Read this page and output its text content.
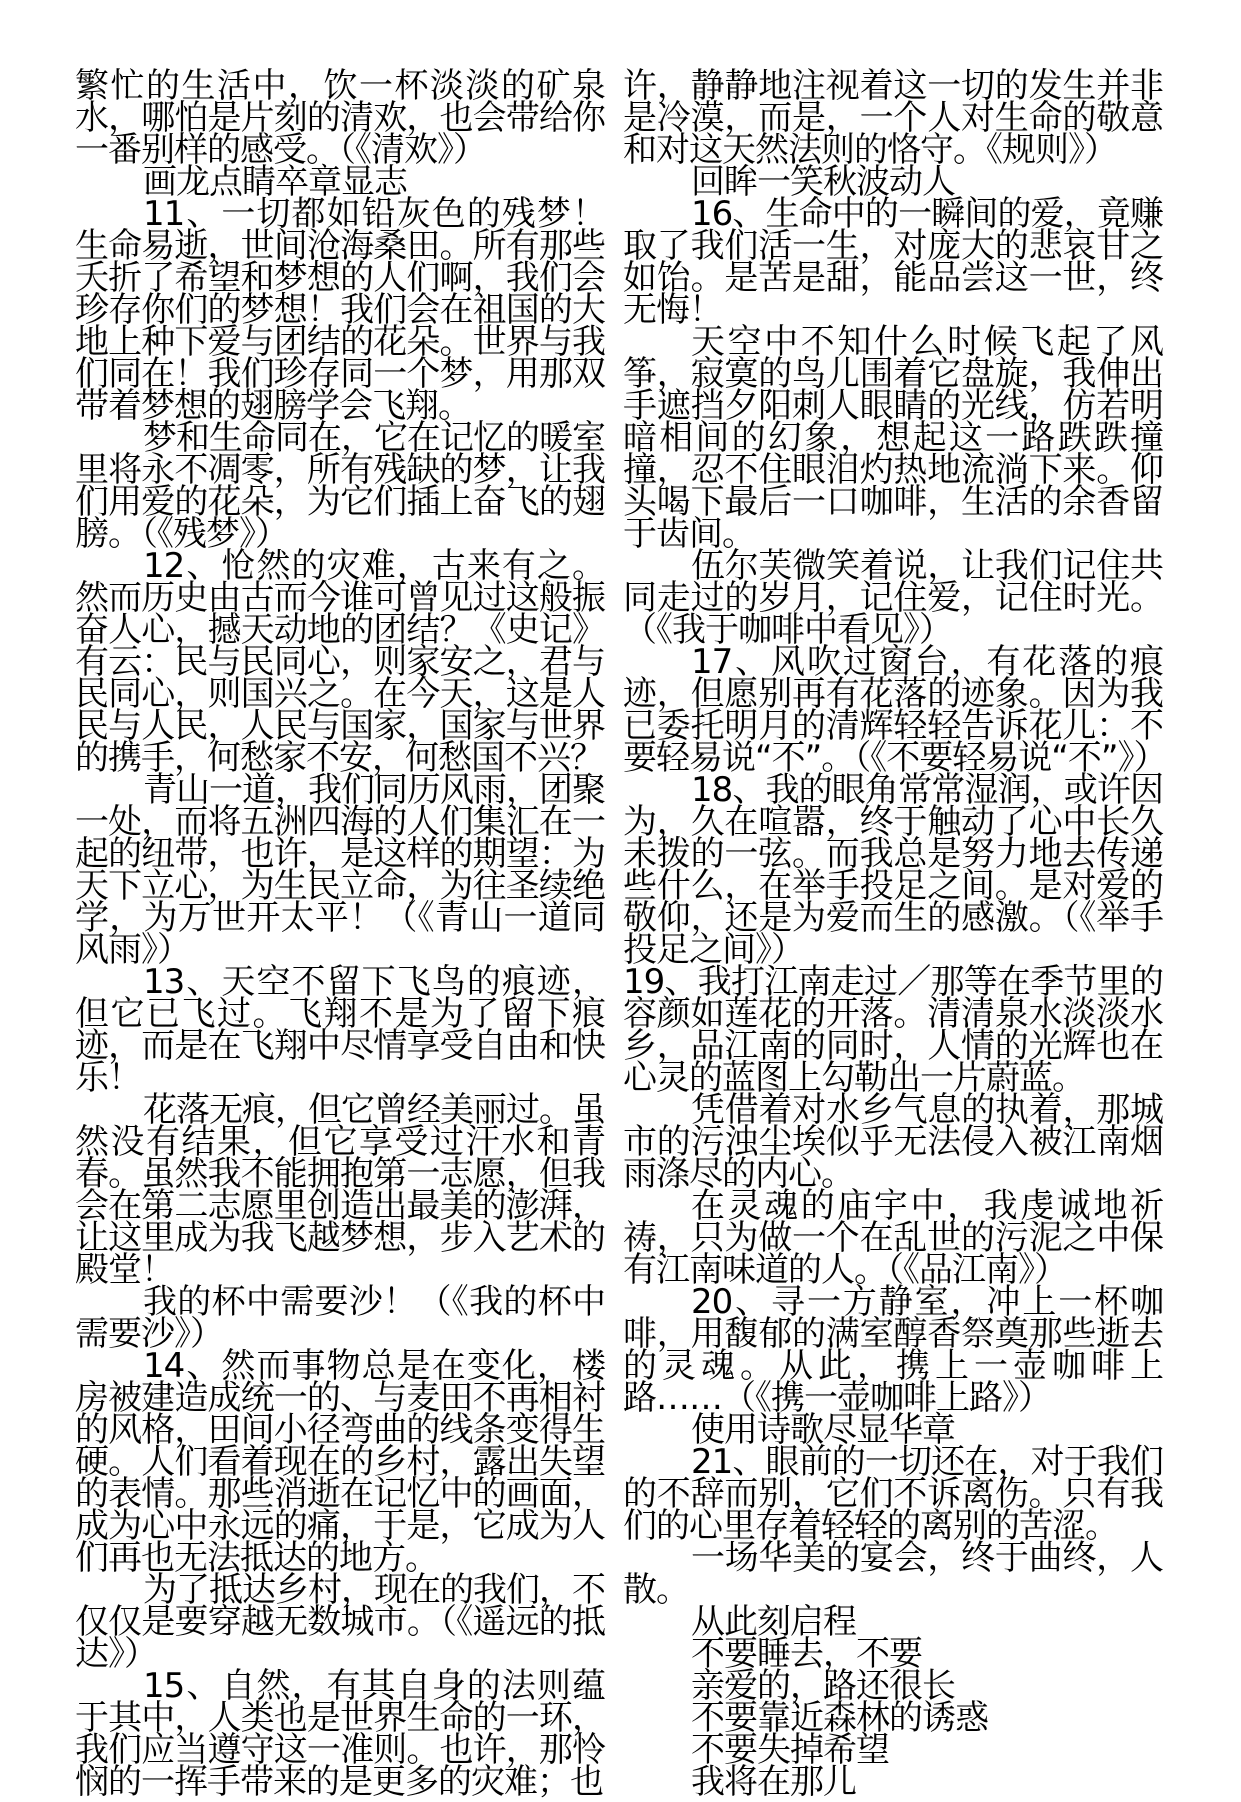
繁忙的生活中，饮一杯淡淡的矿泉水，哪怕是片刻的清欢，也会带给你一番别样的感受。（《清欢》）

画龙点睛卒章显志

11、一切都如铅灰色的残梦！生命易逝，世间沧海桑田。所有那些夭折了希望和梦想的人们啊，我们会珍存你们的梦想！我们会在祖国的大地上种下爱与团结的花朵。世界与我们同在！我们珍存同一个梦，用那双带着梦想的翅膀学会飞翔。

梦和生命同在，它在记忆的暖室里将永不凋零，所有残缺的梦，让我们用爱的花朵，为它们插上奋飞的翅膀。（《残梦》）

12、怆然的灾难，古来有之。然而历史由古而今谁可曾见过这般振奋人心，撼天动地的团结？《史记》有云：民与民同心，则家安之，君与民同心，则国兴之。在今天，这是人民与人民，人民与国家，国家与世界的携手，何愁家不安，何愁国不兴？

青山一道，我们同历风雨，团聚一处，而将五洲四海的人们集汇在一起的纽带，也许，是这样的期望：为天下立心，为生民立命，为往圣续绝学，为万世开太平！（《青山一道同风雨》）

13、天空不留下飞鸟的痕迹，但它已飞过。飞翔不是为了留下痕迹，而是在飞翔中尽情享受自由和快乐！

花落无痕，但它曾经美丽过。虽然没有结果，但它享受过汗水和青春。虽然我不能拥抱第一志愿，但我会在第二志愿里创造出最美的澎湃，让这里成为我飞越梦想，步入艺术的殿堂！

我的杯中需要沙！（《我的杯中需要沙》）

14、然而事物总是在变化，楼房被建造成统一的、与麦田不再相衬的风格，田间小径弯曲的线条变得生硬。人们看着现在的乡村，露出失望的表情。那些消逝在记忆中的画面，成为心中永远的痛，于是，它成为人们再也无法抵达的地方。

为了抵达乡村，现在的我们，不仅仅是要穿越无数城市。（《遥远的抵达》）

15、自然，有其自身的法则蕴于其中，人类也是世界生命的一环，我们应当遵守这一准则。也许，那怜悯的一挥手带来的是更多的灾难；也

许，静静地注视着这一切的发生并非是冷漠，而是，一个人对生命的敬意和对这天然法则的恪守。《规则》）

回眸一笑秋波动人

16、生命中的一瞬间的爱，竟赚取了我们活一生，对庞大的悲哀甘之如饴。是苦是甜，能品尝这一世，终无悔！

天空中不知什么时候飞起了风筝，寂寞的鸟儿围着它盘旋，我伸出手遮挡夕阳刺人眼睛的光线，仿若明暗相间的幻象，想起这一路跌跌撞撞，忍不住眼泪灼热地流淌下来。仰头喝下最后一口咖啡，生活的余香留于齿间。

伍尔芙微笑着说，让我们记住共同走过的岁月，记住爱，记住时光。（《我于咖啡中看见》）

17、风吹过窗台，有花落的痕迹，但愿别再有花落的迹象。因为我已委托明月的清辉轻轻告诉花儿：不要轻易说“不”。（《不要轻易说“不”》）

18、我的眼角常常湿润，或许因为，久在喧嚣，终于触动了心中长久未拨的一弦。而我总是努力地去传递些什么，在举手投足之间。是对爱的敬仰，还是为爱而生的感激。（《举手投足之间》）

19、我打江南走过／那等在季节里的容颜如莲花的开落。清清泉水淡淡水乡，品江南的同时，人情的光辉也在心灵的蓝图上勾勒出一片蔚蓝。

凭借着对水乡气息的执着，那城市的污浊尘埃似乎无法侵入被江南烟雨涤尽的内心。

在灵魂的庙宇中，我虔诚地祈祷，只为做一个在乱世的污泥之中保有江南味道的人。（《品江南》）

20、寻一方静室，冲上一杯咖啡，用馥郁的满室醇香祭奠那些逝去的灵魂。从此，携上一壶咖啡上路……（《携一壶咖啡上路》）

使用诗歌尽显华章

21、眼前的一切还在，对于我们的不辞而别，它们不诉离伤。只有我们的心里存着轻轻的离别的苦涩。

一场华美的宴会，终于曲终，人散。

从此刻启程

不要睡去，不要

亲爱的，路还很长

不要靠近森林的诱惑

不要失掉希望

我将在那儿
